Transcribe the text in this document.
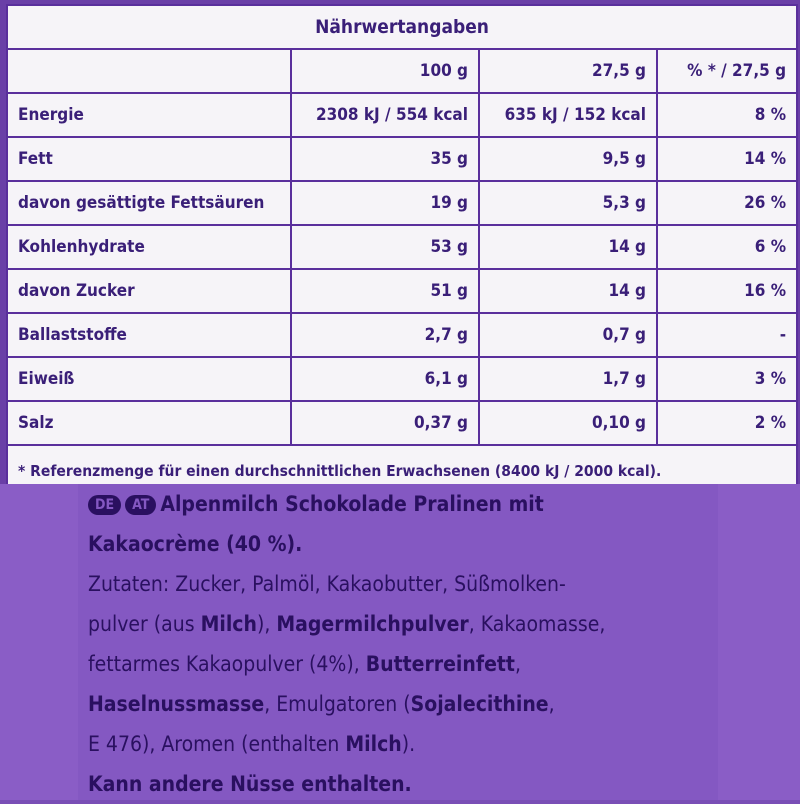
Nährwertangaben			
	100 g	27,5 g	% * / 27,5 g
Energie	2308 kJ / 554 kcal	635 kJ / 152 kcal	8 %
Fett	35 g	9,5 g	14 %
davon gesättigte Fettsäuren	19 g	5,3 g	26 %
Kohlenhydrate	53 g	14 g	6 %
davon Zucker	51 g	14 g	16 %
Ballaststoffe	2,7 g	0,7 g	-
Eiweiß	6,1 g	1,7 g	3 %
Salz	0,37 g	0,10 g	2 %
* Referenzmenge für einen durchschnittlichen Erwachsenen (8400 kJ / 2000 kcal).			
DE AT Alpenmilch Schokolade Pralinen mit
Kakaocrème (40 %).
Zutaten: Zucker, Palmöl, Kakaobutter, Süßmolken-
pulver (aus Milch), Magermilchpulver, Kakaomasse,
fettarmes Kakaopulver (4%), Butterreinfett,
Haselnussmasse, Emulgatoren (Sojalecithine,
E 476), Aromen (enthalten Milch).
Kann andere Nüsse enthalten.
